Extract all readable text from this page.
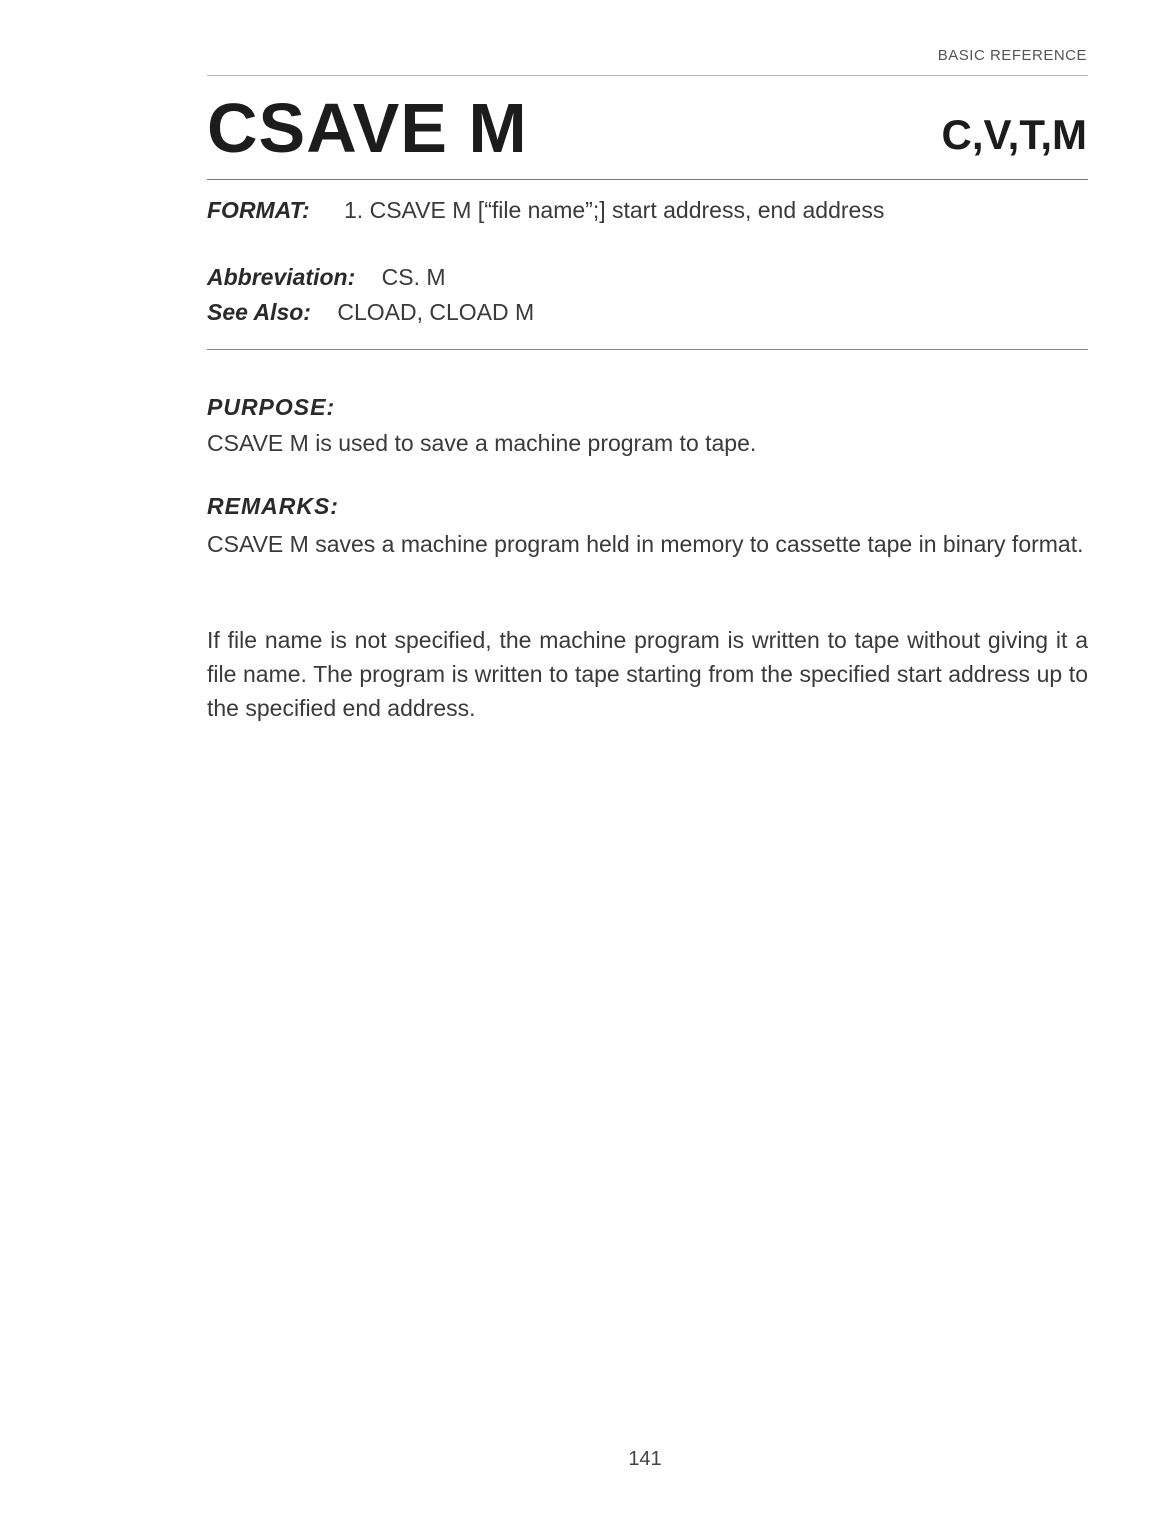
BASIC REFERENCE
CSAVE M	C,V,T,M
FORMAT: 1. CSAVE M [“file name”;] start address, end address
Abbreviation: CS. M
See Also: CLOAD, CLOAD M
PURPOSE:
CSAVE M is used to save a machine program to tape.
REMARKS:
CSAVE M saves a machine program held in memory to cassette tape in binary format.
If file name is not specified, the machine program is written to tape without giving it a file name. The program is written to tape starting from the specified start address up to the specified end address.
141
